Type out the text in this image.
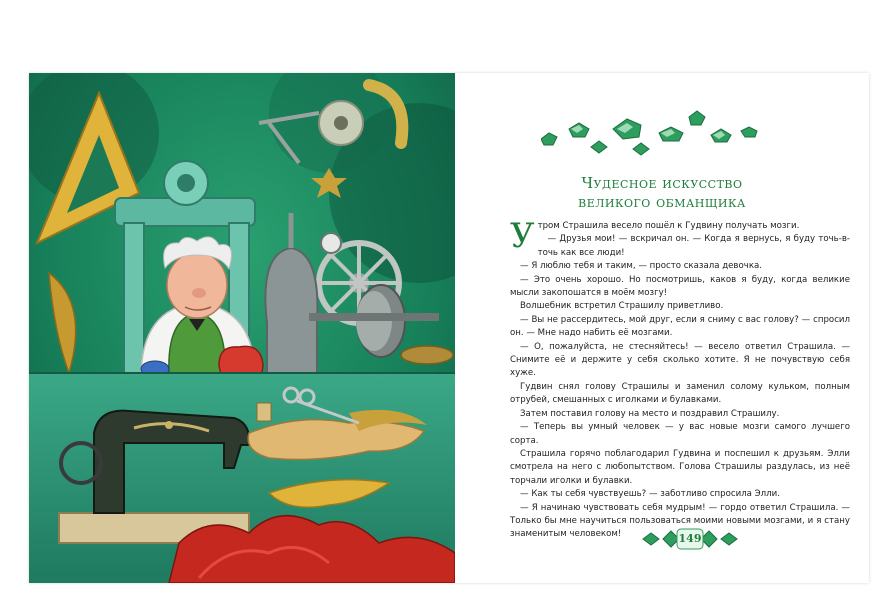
Чудесное искусство
великого обманщика

Утром Страшила весело пошёл к Гудвину получать мозги.

— Друзья мои! — вскричал он. — Когда я вернусь, я буду точь-в-точь как все люди!

— Я люблю тебя и таким, — просто сказала девочка.

— Это очень хорошо. Но посмотришь, каков я буду, когда великие мысли закопошатся в моём мозгу!

Волшебник встретил Страшилу приветливо.

— Вы не рассердитесь, мой друг, если я сниму с вас голову? — спросил он. — Мне надо набить её мозгами.

— О, пожалуйста, не стесняйтесь! — весело ответил Страшила. — Снимите её и держите у себя сколько хотите. Я не почувствую себя хуже.

Гудвин снял голову Страшилы и заменил солому кульком, полным отрубей, смешанных с иголками и булавками.

Затем поставил голову на место и поздравил Страшилу.

— Теперь вы умный человек — у вас новые мозги самого лучшего сорта.

Страшила горячо поблагодарил Гудвина и поспешил к друзьям. Элли смотрела на него с любопытством. Голова Страшилы раздулась, из неё торчали иголки и булавки.

— Как ты себя чувствуешь? — заботливо спросила Элли.

— Я начинаю чувствовать себя мудрым! — гордо ответил Страшила. — Только бы мне научиться пользоваться моими новыми мозгами, и я стану знаменитым человеком!	149
